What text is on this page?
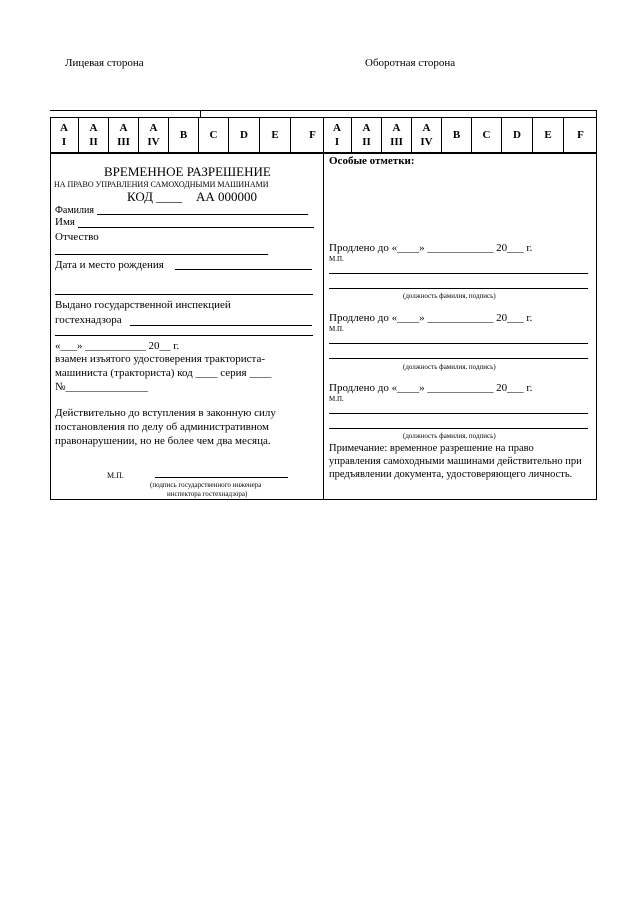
Лицевая сторона	Оборотная сторона
A
I
A
II
A
III
A
IV
B C D E	F
A
I
A
II
A
III
A
IV
B C D E F
ВРЕМЕННОЕ РАЗРЕШЕНИЕ
НА ПРАВО УПРАВЛЕНИЯ САМОХОДНЫМИ МАШИНАМИ
КОД ____ АА 000000
Фамилия
Имя
Отчество
Дата и место рождения
Выдано государственной инспекцией
гостехнадзора
«___» ___________ 20__ г.
взамен изъятого удостоверения тракториста-
машиниста (тракториста) код ____ серия ____
№_______________
Действительно до вступления в законную силу
постановления по делу об административном
правонарушении, но не более чем два месяца.
М.П.
(подпись государственного инженера
инспектора гостехнадзора)
Особые отметки:
Продлено до «____» ____________ 20___ г.
М.П.
(должность фамилия, подпись)
Продлено до «____» ____________ 20___ г.
М.П.
(должность фамилия, подпись)
Продлено до «____» ____________ 20___ г.
М.П.
(должность фамилия, подпись)
Примечание: временное разрешение на право
управления самоходными машинами действительно при
предъявлении документа, удостоверяющего личность.
